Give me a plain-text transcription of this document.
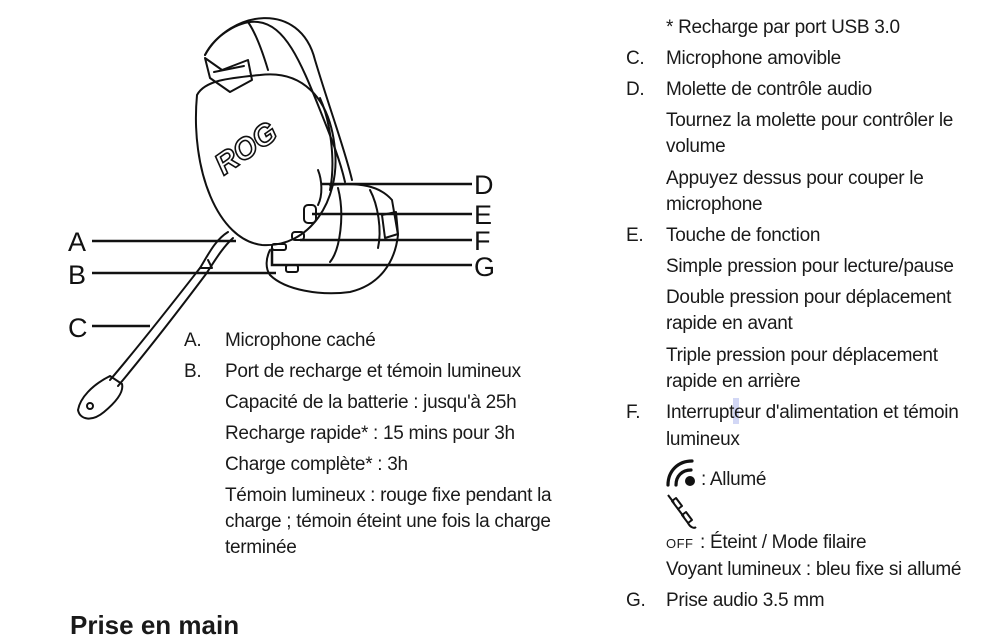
ROG
A
B
C
D
E
F
G
A. Microphone caché
B. Port de recharge et témoin lumineux
Capacité de la batterie : jusqu'à 25h
Recharge rapide* : 15 mins pour 3h
Charge complète* : 3h
Témoin lumineux : rouge fixe pendant la
charge ; témoin éteint une fois la charge
terminée
* Recharge par port USB 3.0
C. Microphone amovible
D. Molette de contrôle audio
Tournez la molette pour contrôler le
volume
Appuyez dessus pour couper le
microphone
E. Touche de fonction
Simple pression pour lecture/pause
Double pression pour déplacement
rapide en avant
Triple pression pour déplacement
rapide en arrière
F. Interrupteur d'alimentation et témoin
lumineux
: Allumé
OFF : Éteint / Mode filaire
Voyant lumineux : bleu fixe si allumé
G. Prise audio 3.5 mm
Prise en main
